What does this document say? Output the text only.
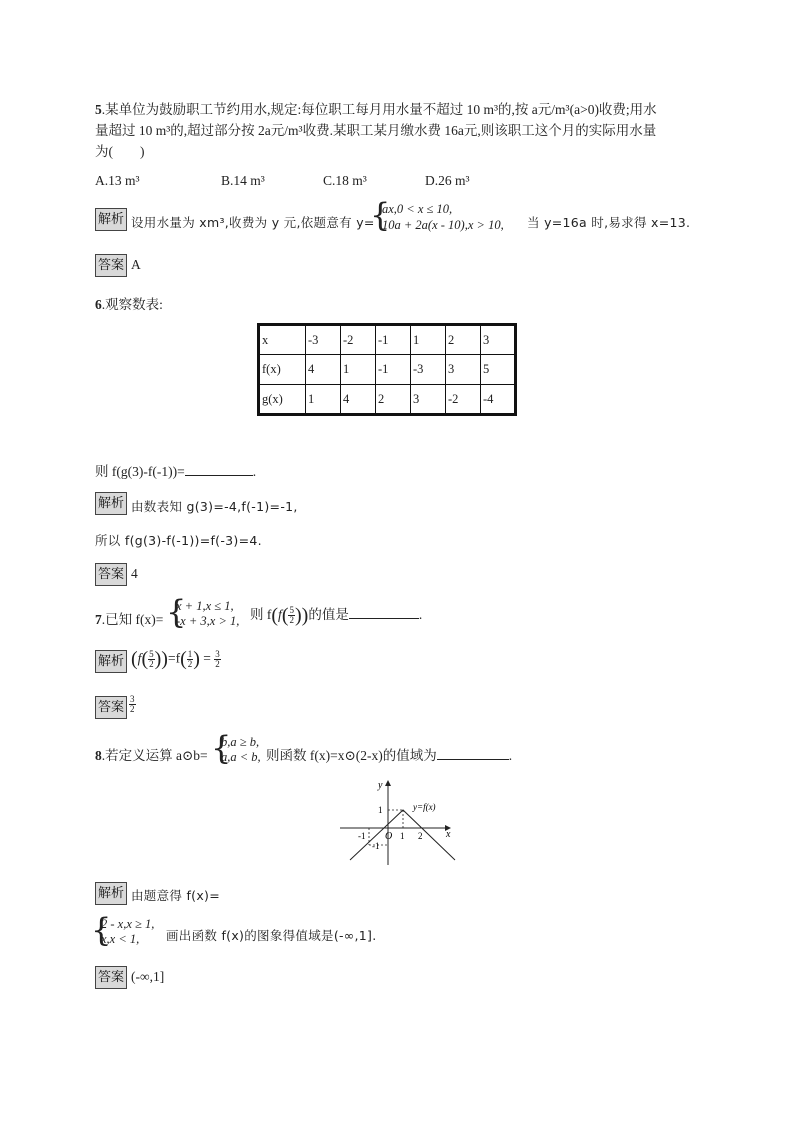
5.某单位为鼓励职工节约用水,规定:每位职工每月用水量不超过 10 m³的,按 a元/m³(a>0)收费;用水
量超过 10 m³的,超过部分按 2a元/m³收费.某职工某月缴水费 16a元,则该职工这个月的实际用水量
为(　　)
A.13 m³	B.14 m³	C.18 m³	D.26 m³
解析 设用水量为 xm³,收费为 y 元,依题意有 y=
{
ax,0 < x ≤ 10,
10a + 2a(x - 10),x > 10, 当 y=16a 时,易求得 x=13.
答案 A
6.观察数表:
x	-3	-2	-1	1	2	3
f(x)	4	1	-1	-3	3	5
g(x)	1	4	2	3	-2	-4
则 f(g(3)-f(-1))=	.
解析 由数表知 g(3)=-4,f(-1)=-1,
所以 f(g(3)-f(-1))=f(-3)=4.
答案 4
7.已知 f(x)= {
x + 1,x ≤ 1,
-x + 3,x > 1, 则 $f(f( \frac{5}{2}$ ))的值是	.
解析 $(f( \frac{5}{2} ))=f( \frac{1}{2}$ ) = $\frac{3}{2}$
答案 $\frac{3}{2}$
8.若定义运算 a⊙b= {
b,a ≥ b,
a,a < b, 则函数 f(x)=x⊙(2-x)的值域为	.
y
x
O
y=f(x)
-1	1 2
1
-1
解析 由题意得 f(x)=
{
2 - x,x ≥ 1,
x,x < 1, 画出函数 f(x)的图象得值域是(-∞,1].
答案 (-∞,1]
